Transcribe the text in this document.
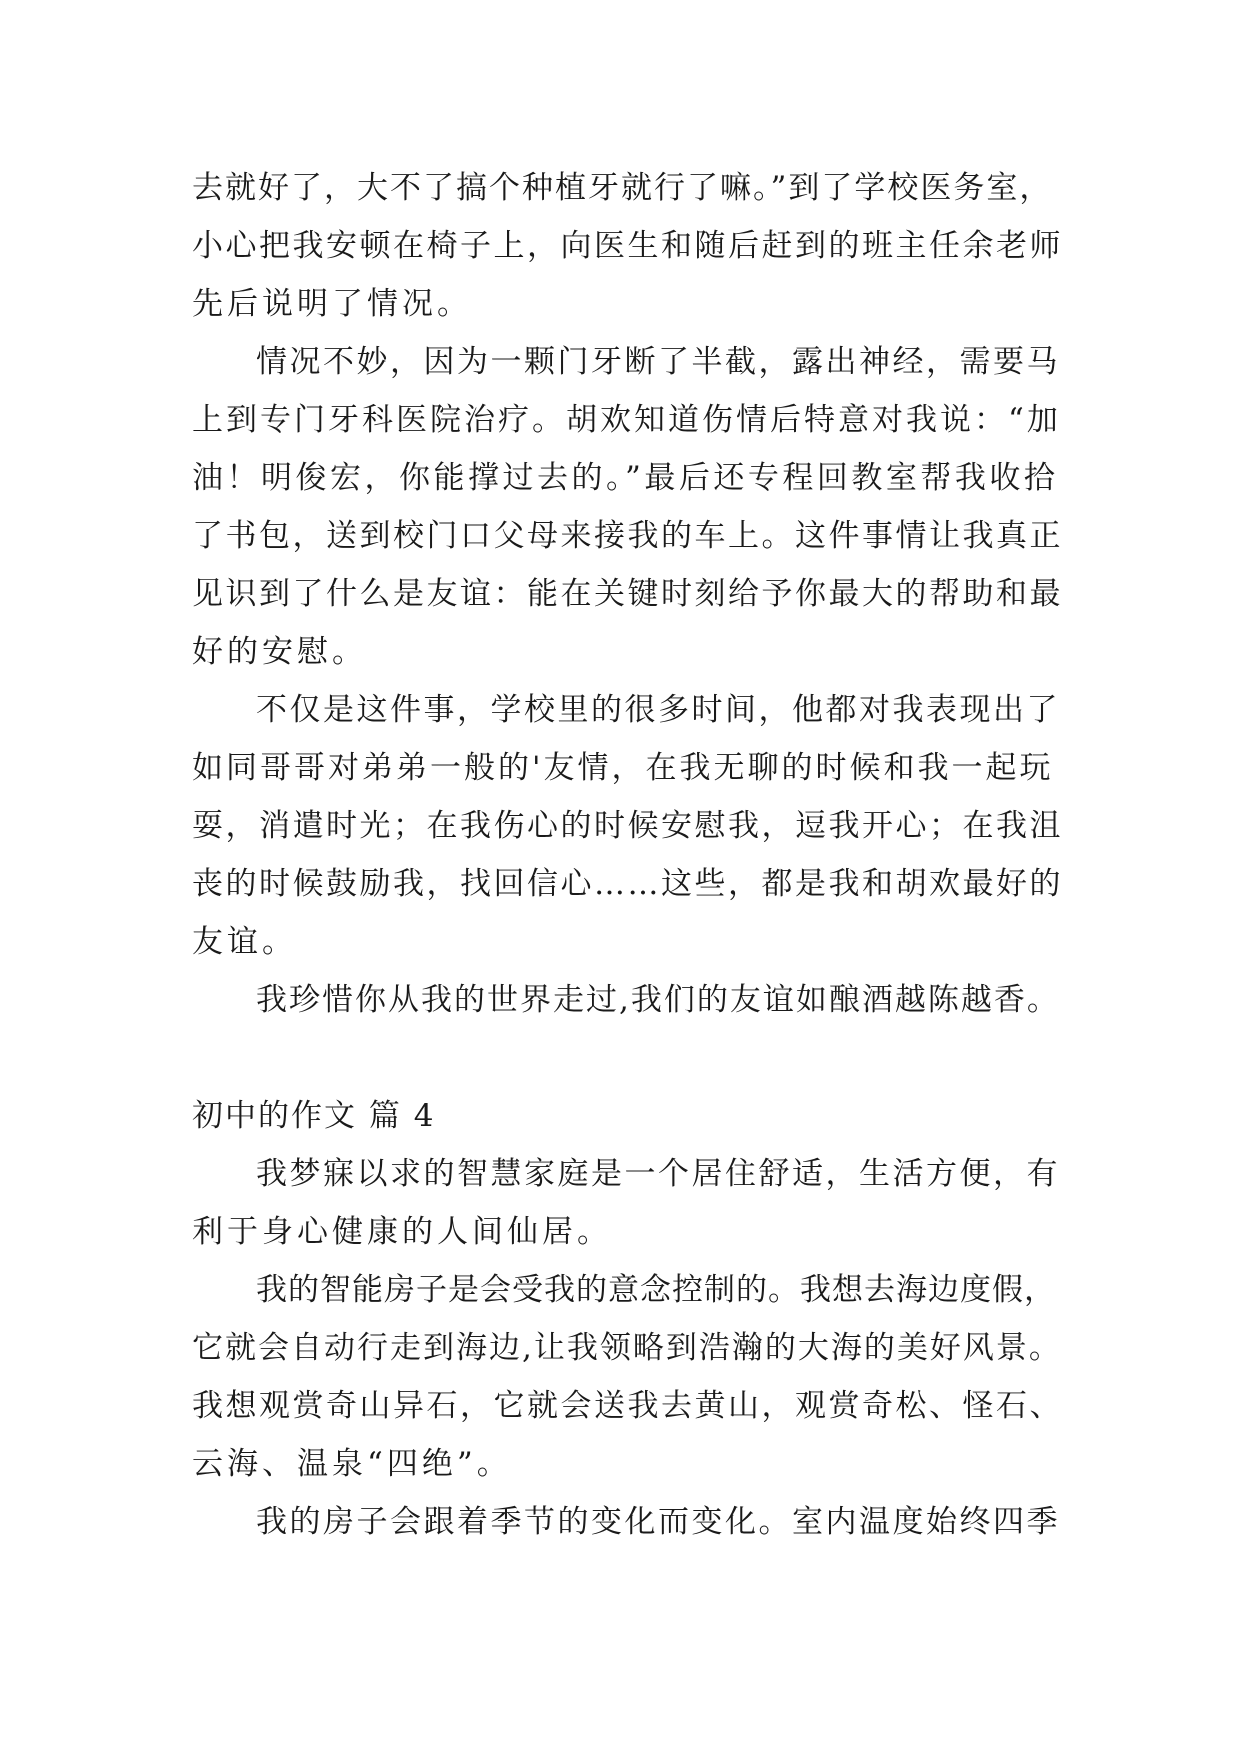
去就好了，大不了搞个种植牙就行了嘛。”到了学校医务室，
小心把我安顿在椅子上，向医生和随后赶到的班主任余老师
先后说明了情况。
情况不妙，因为一颗门牙断了半截，露出神经，需要马
上到专门牙科医院治疗。胡欢知道伤情后特意对我说：“加
油！明俊宏，你能撑过去的。”最后还专程回教室帮我收拾
了书包，送到校门口父母来接我的车上。这件事情让我真正
见识到了什么是友谊：能在关键时刻给予你最大的帮助和最
好的安慰。
不仅是这件事，学校里的很多时间，他都对我表现出了
如同哥哥对弟弟一般的'友情，在我无聊的时候和我一起玩
耍，消遣时光；在我伤心的时候安慰我，逗我开心；在我沮
丧的时候鼓励我，找回信心……这些，都是我和胡欢最好的
友谊。
我珍惜你从我的世界走过,我们的友谊如酿酒越陈越香。
初中的作文 篇 4
我梦寐以求的智慧家庭是一个居住舒适，生活方便，有
利于身心健康的人间仙居。
我的智能房子是会受我的意念控制的。我想去海边度假，
它就会自动行走到海边,让我领略到浩瀚的大海的美好风景。
我想观赏奇山异石，它就会送我去黄山，观赏奇松、怪石、
云海、温泉“四绝”。
我的房子会跟着季节的变化而变化。室内温度始终四季
